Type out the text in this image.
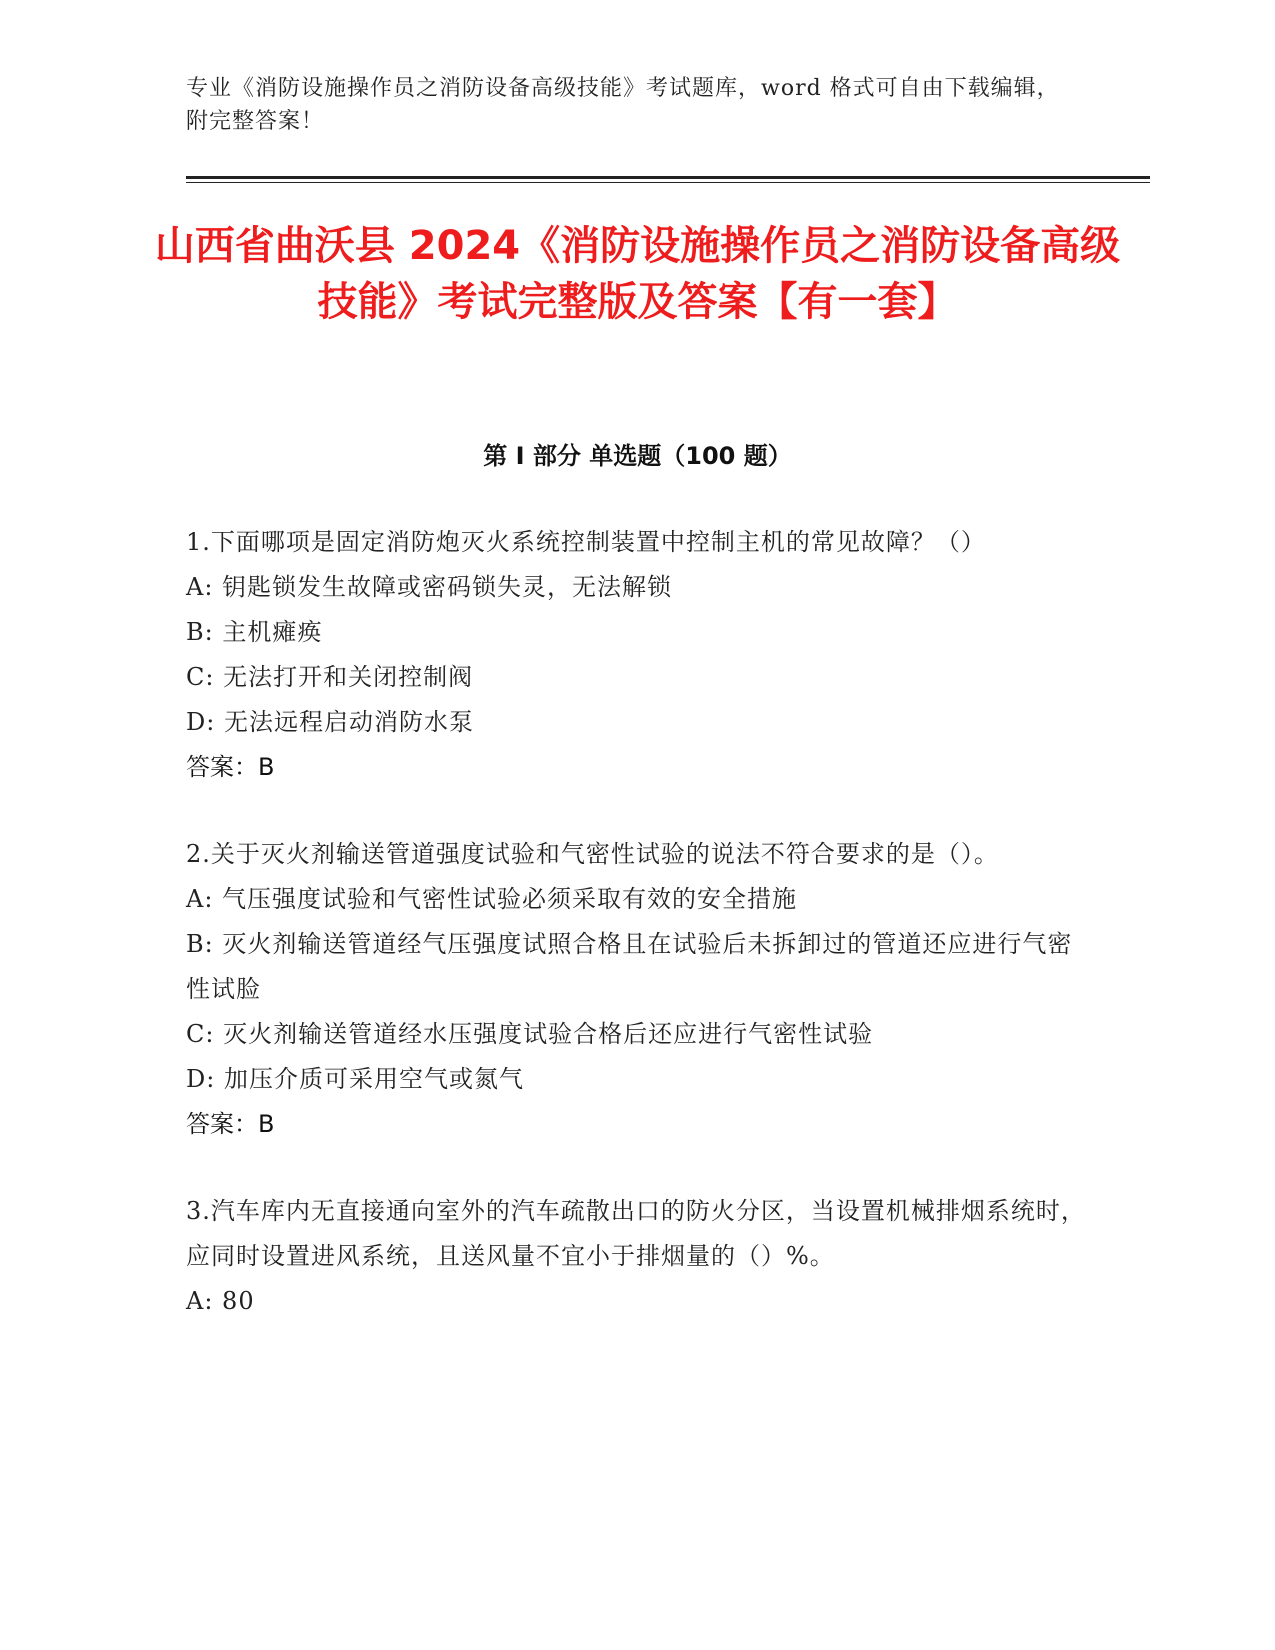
专业《消防设施操作员之消防设备高级技能》考试题库，word 格式可自由下载编辑，附完整答案！
山西省曲沃县 2024《消防设施操作员之消防设备高级技能》考试完整版及答案【有一套】
第 I 部分 单选题（100 题）

1.下面哪项是固定消防炮灭火系统控制装置中控制主机的常见故障？（）

A: 钥匙锁发生故障或密码锁失灵，无法解锁

B: 主机瘫痪

C: 无法打开和关闭控制阀

D: 无法远程启动消防水泵

答案：B

2.关于灭火剂输送管道强度试验和气密性试验的说法不符合要求的是（）。

A: 气压强度试验和气密性试验必须采取有效的安全措施

B: 灭火剂输送管道经气压强度试照合格且在试验后未拆卸过的管道还应进行气密性试脸

C: 灭火剂输送管道经水压强度试验合格后还应进行气密性试验

D: 加压介质可采用空气或氮气

答案：B

3.汽车库内无直接通向室外的汽车疏散出口的防火分区，当设置机械排烟系统时，应同时设置进风系统，且送风量不宜小于排烟量的（）%。

A: 80
